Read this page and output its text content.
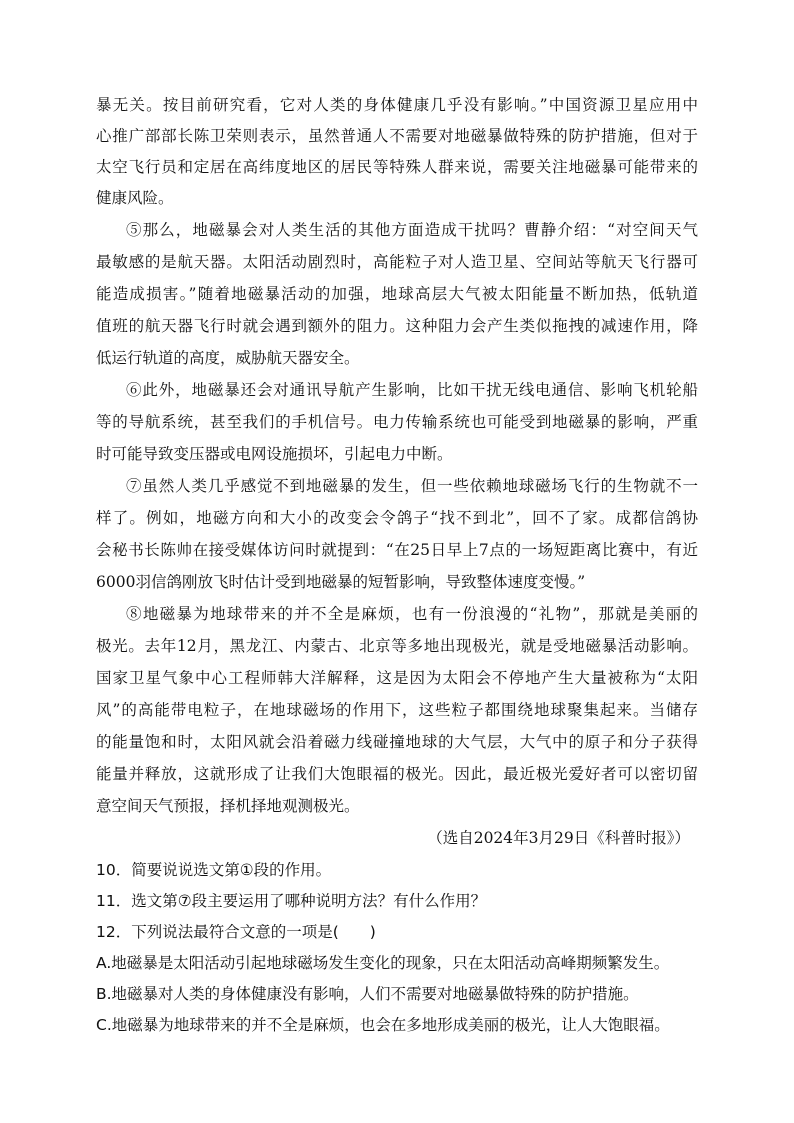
暴无关。按目前研究看，它对人类的身体健康几乎没有影响。”中国资源卫星应用中
心推广部部长陈卫荣则表示，虽然普通人不需要对地磁暴做特殊的防护措施，但对于
太空飞行员和定居在高纬度地区的居民等特殊人群来说，需要关注地磁暴可能带来的
健康风险。
⑤那么，地磁暴会对人类生活的其他方面造成干扰吗？曹静介绍：“对空间天气
最敏感的是航天器。太阳活动剧烈时，高能粒子对人造卫星、空间站等航天飞行器可
能造成损害。”随着地磁暴活动的加强，地球高层大气被太阳能量不断加热，低轨道
值班的航天器飞行时就会遇到额外的阻力。这种阻力会产生类似拖拽的减速作用，降
低运行轨道的高度，威胁航天器安全。
⑥此外，地磁暴还会对通讯导航产生影响，比如干扰无线电通信、影响飞机轮船
等的导航系统，甚至我们的手机信号。电力传输系统也可能受到地磁暴的影响，严重
时可能导致变压器或电网设施损坏，引起电力中断。
⑦虽然人类几乎感觉不到地磁暴的发生，但一些依赖地球磁场飞行的生物就不一
样了。例如，地磁方向和大小的改变会令鸽子“找不到北”，回不了家。成都信鸽协
会秘书长陈帅在接受媒体访问时就提到：“在25日早上7点的一场短距离比赛中，有近
6000羽信鸽刚放飞时估计受到地磁暴的短暂影响，导致整体速度变慢。”
⑧地磁暴为地球带来的并不全是麻烦，也有一份浪漫的“礼物”，那就是美丽的
极光。去年12月，黑龙江、内蒙古、北京等多地出现极光，就是受地磁暴活动影响。
国家卫星气象中心工程师韩大洋解释，这是因为太阳会不停地产生大量被称为“太阳
风”的高能带电粒子，在地球磁场的作用下，这些粒子都围绕地球聚集起来。当储存
的能量饱和时，太阳风就会沿着磁力线碰撞地球的大气层，大气中的原子和分子获得
能量并释放，这就形成了让我们大饱眼福的极光。因此，最近极光爱好者可以密切留
意空间天气预报，择机择地观测极光。
（选自2024年3月29日《科普时报》）
10．简要说说选文第①段的作用。
11．选文第⑦段主要运用了哪种说明方法？有什么作用？
12．下列说法最符合文意的一项是(　　)
A.地磁暴是太阳活动引起地球磁场发生变化的现象，只在太阳活动高峰期频繁发生。
B.地磁暴对人类的身体健康没有影响，人们不需要对地磁暴做特殊的防护措施。
C.地磁暴为地球带来的并不全是麻烦，也会在多地形成美丽的极光，让人大饱眼福。
